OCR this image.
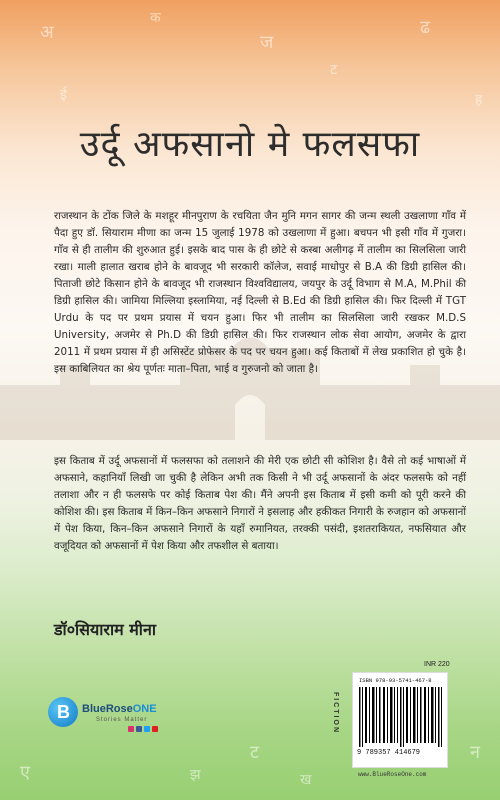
अ
क
ज
ट
ढ
ह
ई
ए	झ
ट
ख
न
उर्दू अफसानो मे फलसफा

राजस्थान के टोंक जिले के मशहूर मीनपुराण के रचयिता जैन मुनि मगन सागर की जन्म स्थली उखलाणा गाँव में पैदा हुए डॉ. सियाराम मीणा का जन्म 15 जुलाई 1978 को उखलाणा में हुआ। बचपन भी इसी गाँव में गुजरा। गाँव से ही तालीम की शुरुआत हुई। इसके बाद पास के ही छोटे से कस्बा अलीगढ़ में तालीम का सिलसिला जारी रखा। माली हालात खराब होने के बावजूद भी सरकारी कॉलेज, सवाई माधोपुर से B.A की डिग्री हासिल की। पिताजी छोटे किसान होने के बावजूद भी राजस्थान विश्वविद्यालय, जयपुर के उर्दू विभाग से M.A, M.Phil की डिग्री हासिल की। जामिया मिल्लिया इस्लामिया, नई दिल्ली से B.Ed की डिग्री हासिल की। फिर दिल्ली में TGT Urdu के पद पर प्रथम प्रयास में चयन हुआ। फिर भी तालीम का सिलसिला जारी रखकर M.D.S University, अजमेर से Ph.D की डिग्री हासिल की। फिर राजस्थान लोक सेवा आयोग, अजमेर के द्वारा 2011 में प्रथम प्रयास में ही असिस्टेंट प्रोफेसर के पद पर चयन हुआ। कई किताबों में लेख प्रकाशित हो चुके है। इस काबिलियत का श्रेय पूर्णतः माता–पिता, भाई व गुरुजनो को जाता है।

इस किताब में उर्दू अफसानों में फलसफा को तलाशने की मेरी एक छोटी सी कोशिश है। वैसे तो कई भाषाओं में अफसाने, कहानियाँ लिखी जा चुकी है लेकिन अभी तक किसी ने भी उर्दू अफसानों के अंदर फलसफे को नहीं तलाशा और न ही फलसफे पर कोई किताब पेश की। मैंने अपनी इस किताब में इसी कमी को पूरी करने की कोशिश की। इस किताब में किन–किन अफसाने निगारों ने इसलाह और हकीकत निगारी के रुजहान को अफसानों में पेश किया, किन–किन अफसाने निगारों के यहाँ रुमानियत, तरक्की पसंदी, इशतराकियत, नफसियात और वजूदियत को अफसानों में पेश किया और तफशील से बताया।

डॉ०सियाराम मीना
INR 220
FICTION
ISBN 978-93-5741-467-8
9 789357 414679
www.BlueRoseOne.com
B BlueRoseONE
Stories Matter
